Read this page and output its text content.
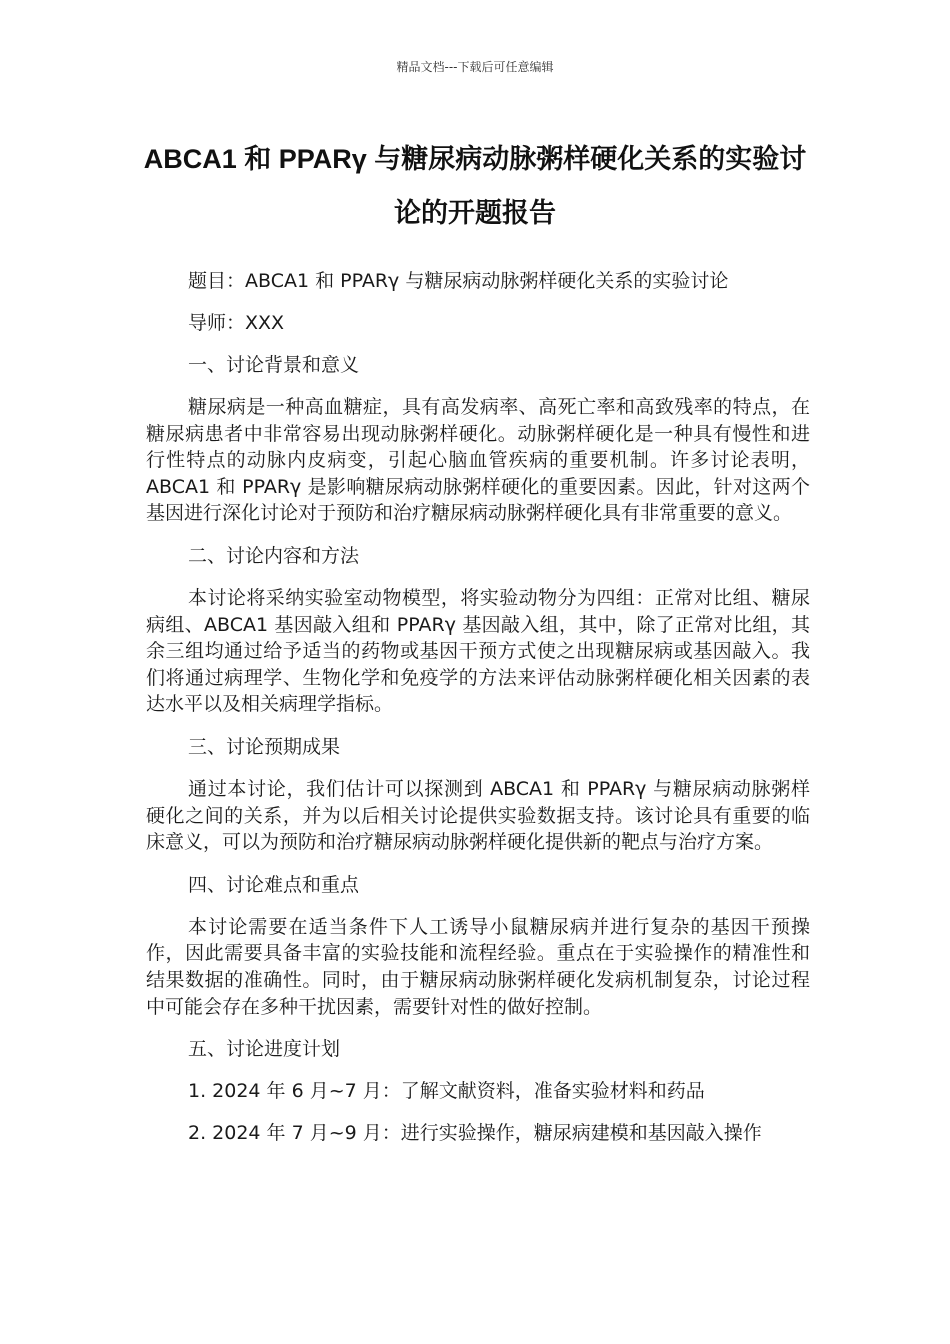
精品文档---下载后可任意编辑
ABCA1 和 PPARγ 与糖尿病动脉粥样硬化关系的实验讨论的开题报告

题目：ABCA1 和 PPARγ 与糖尿病动脉粥样硬化关系的实验讨论

导师：XXX

一、讨论背景和意义

糖尿病是一种高血糖症，具有高发病率、高死亡率和高致残率的特点，在糖尿病患者中非常容易出现动脉粥样硬化。动脉粥样硬化是一种具有慢性和进行性特点的动脉内皮病变，引起心脑血管疾病的重要机制。许多讨论表明，ABCA1 和 PPARγ 是影响糖尿病动脉粥样硬化的重要因素。因此，针对这两个基因进行深化讨论对于预防和治疗糖尿病动脉粥样硬化具有非常重要的意义。

二、讨论内容和方法

本讨论将采纳实验室动物模型，将实验动物分为四组：正常对比组、糖尿病组、ABCA1 基因敲入组和 PPARγ 基因敲入组，其中，除了正常对比组，其余三组均通过给予适当的药物或基因干预方式使之出现糖尿病或基因敲入。我们将通过病理学、生物化学和免疫学的方法来评估动脉粥样硬化相关因素的表达水平以及相关病理学指标。

三、讨论预期成果

通过本讨论，我们估计可以探测到 ABCA1 和 PPARγ 与糖尿病动脉粥样硬化之间的关系，并为以后相关讨论提供实验数据支持。该讨论具有重要的临床意义，可以为预防和治疗糖尿病动脉粥样硬化提供新的靶点与治疗方案。

四、讨论难点和重点

本讨论需要在适当条件下人工诱导小鼠糖尿病并进行复杂的基因干预操作，因此需要具备丰富的实验技能和流程经验。重点在于实验操作的精准性和结果数据的准确性。同时，由于糖尿病动脉粥样硬化发病机制复杂，讨论过程中可能会存在多种干扰因素，需要针对性的做好控制。

五、讨论进度计划

1. 2024 年 6 月~7 月：了解文献资料，准备实验材料和药品

2. 2024 年 7 月~9 月：进行实验操作，糖尿病建模和基因敲入操作
